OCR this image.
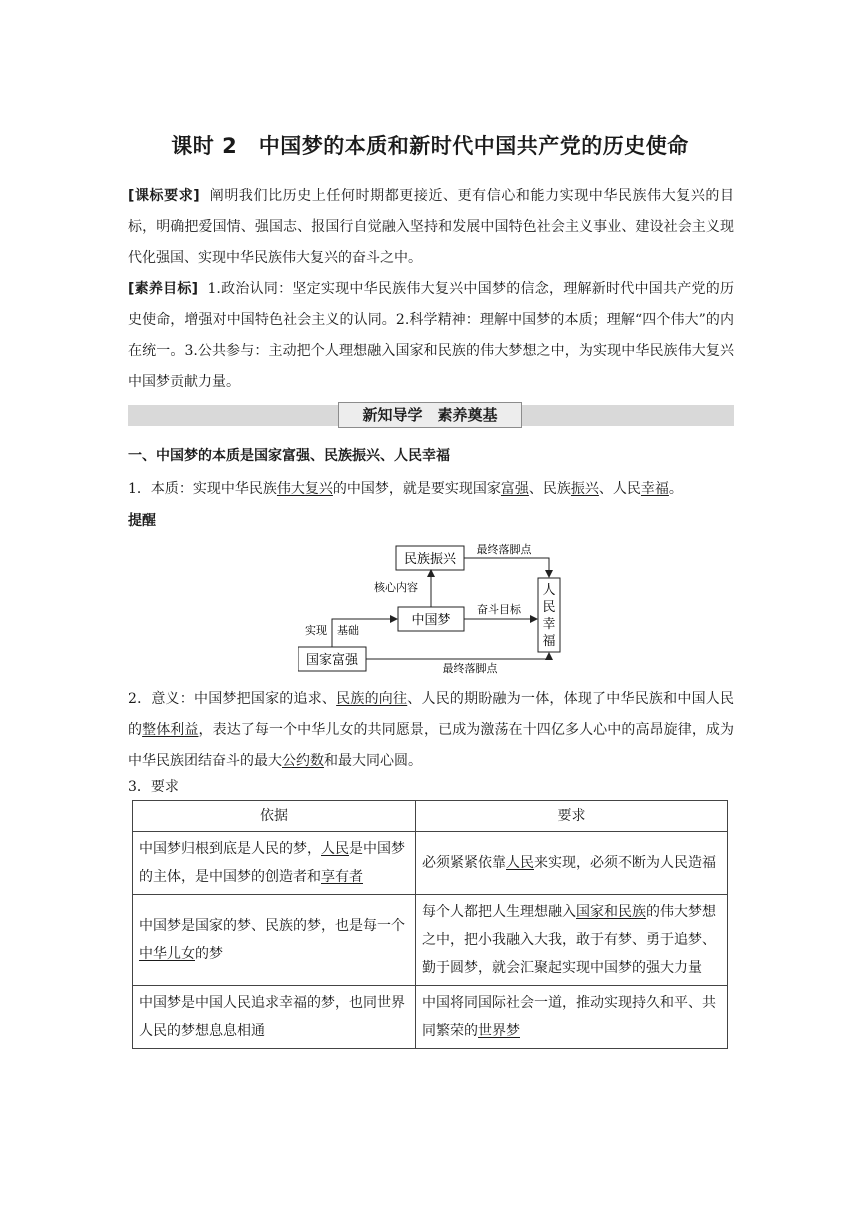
课时 2　中国梦的本质和新时代中国共产党的历史使命
[课标要求] 阐明我们比历史上任何时期都更接近、更有信心和能力实现中华民族伟大复兴的目标，明确把爱国情、强国志、报国行自觉融入坚持和发展中国特色社会主义事业、建设社会主义现代化强国、实现中华民族伟大复兴的奋斗之中。
[素养目标] 1.政治认同：坚定实现中华民族伟大复兴中国梦的信念，理解新时代中国共产党的历史使命，增强对中国特色社会主义的认同。2.科学精神：理解中国梦的本质；理解“四个伟大”的内在统一。3.公共参与：主动把个人理想融入国家和民族的伟大梦想之中，为实现中华民族伟大复兴中国梦贡献力量。
新知导学　素养奠基
一、中国梦的本质是国家富强、民族振兴、人民幸福
1．本质：实现中华民族伟大复兴的中国梦，就是要实现国家富强、民族振兴、人民幸福。
提醒
民族振兴
中国梦
国家富强
人
民
幸
福
最终落脚点
核心内容
奋斗目标
实现 基础
最终落脚点
2．意义：中国梦把国家的追求、民族的向往、人民的期盼融为一体，体现了中华民族和中国人民的整体利益，表达了每一个中华儿女的共同愿景，已成为激荡在十四亿多人心中的高昂旋律，成为中华民族团结奋斗的最大公约数和最大同心圆。
3．要求
依据	要求
中国梦归根到底是人民的梦，人民是中国梦的主体，是中国梦的创造者和享有者	必须紧紧依靠人民来实现，必须不断为人民造福
中国梦是国家的梦、民族的梦，也是每一个中华儿女的梦	每个人都把人生理想融入国家和民族的伟大梦想之中，把小我融入大我，敢于有梦、勇于追梦、勤于圆梦，就会汇聚起实现中国梦的强大力量
中国梦是中国人民追求幸福的梦，也同世界人民的梦想息息相通	中国将同国际社会一道，推动实现持久和平、共同繁荣的世界梦
